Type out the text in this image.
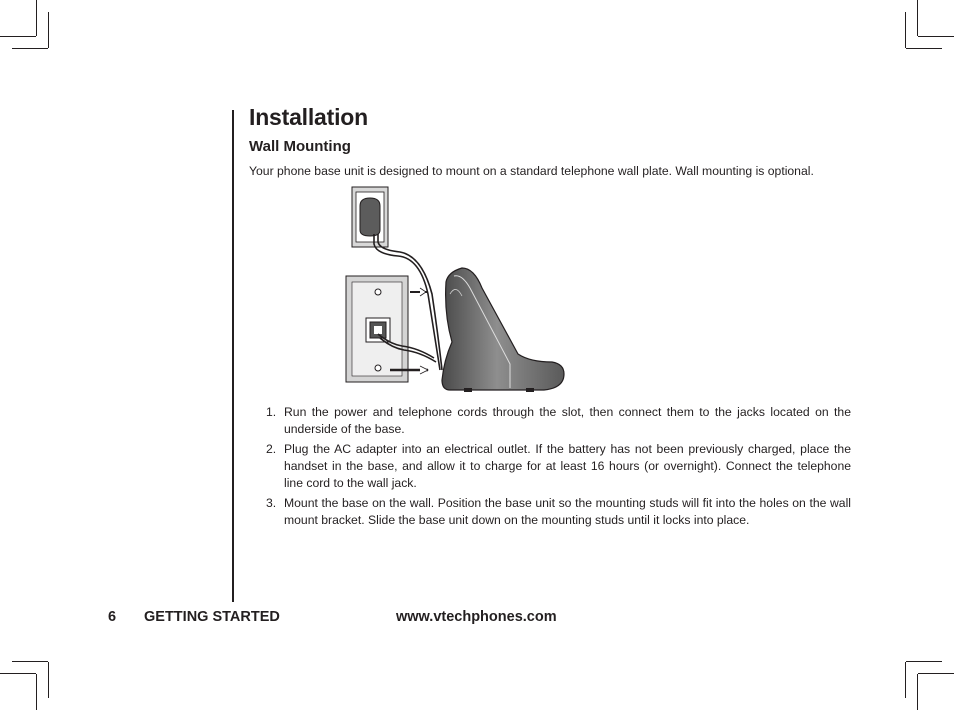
Installation
Wall Mounting

Your phone base unit is designed to mount on a standard telephone wall plate. Wall mounting is optional.

1. Run the power and telephone cords through the slot, then connect them to the jacks located on the underside of the base.
2. Plug the AC adapter into an electrical outlet. If the battery has not been previously charged, place the handset in the base, and allow it to charge for at least 16 hours (or overnight). Connect the telephone line cord to the wall jack.
3. Mount the base on the wall. Position the base unit so the mounting studs will fit into the holes on the wall mount bracket. Slide the base unit down on the mounting studs until it locks into place.
6 GETTING STARTED	www.vtechphones.com
